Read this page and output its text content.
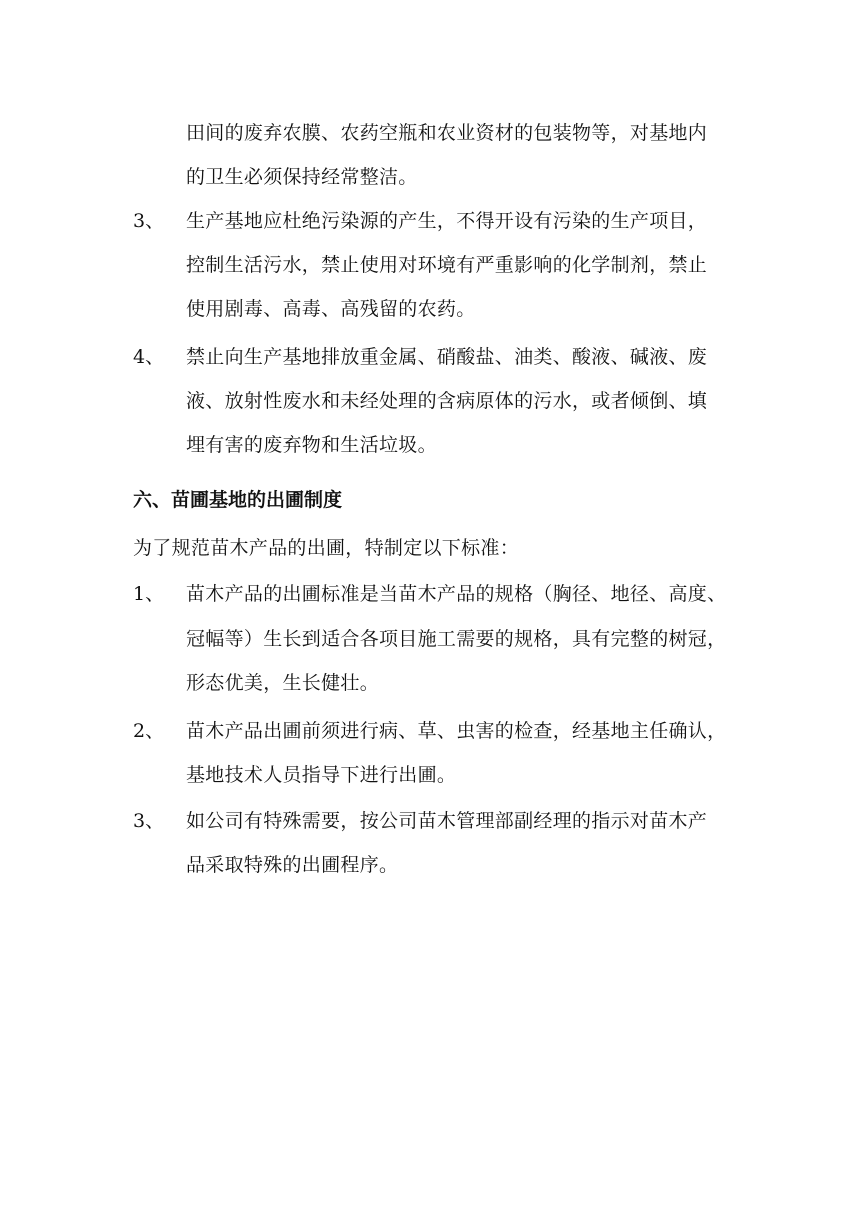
田间的废弃农膜、农药空瓶和农业资材的包装物等，对基地内
的卫生必须保持经常整洁。
3、 生产基地应杜绝污染源的产生，不得开设有污染的生产项目，
控制生活污水，禁止使用对环境有严重影响的化学制剂，禁止
使用剧毒、高毒、高残留的农药。
4、 禁止向生产基地排放重金属、硝酸盐、油类、酸液、碱液、废
液、放射性废水和未经处理的含病原体的污水，或者倾倒、填
埋有害的废弃物和生活垃圾。
六、苗圃基地的出圃制度
为了规范苗木产品的出圃，特制定以下标准：
1、 苗木产品的出圃标准是当苗木产品的规格（胸径、地径、高度、
冠幅等）生长到适合各项目施工需要的规格，具有完整的树冠，
形态优美，生长健壮。
2、 苗木产品出圃前须进行病、草、虫害的检查，经基地主任确认，
基地技术人员指导下进行出圃。
3、 如公司有特殊需要，按公司苗木管理部副经理的指示对苗木产
品采取特殊的出圃程序。
